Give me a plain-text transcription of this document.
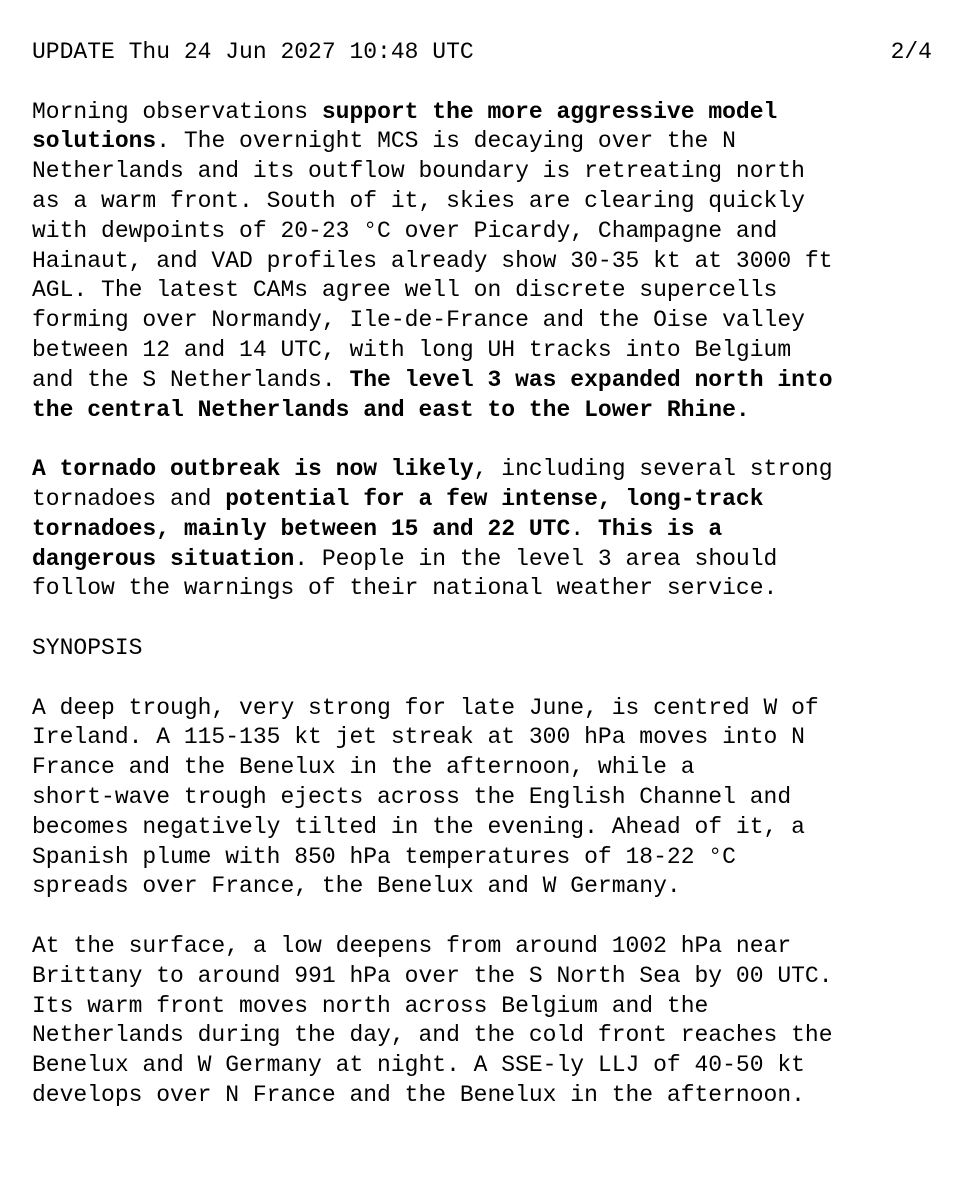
UPDATE Thu 24 Jun 2027 10:48 UTC	2/4
Morning observations support the more aggressive model
solutions. The overnight MCS is decaying over the N
Netherlands and its outflow boundary is retreating north
as a warm front. South of it, skies are clearing quickly
with dewpoints of 20-23 °C over Picardy, Champagne and
Hainaut, and VAD profiles already show 30-35 kt at 3000 ft
AGL. The latest CAMs agree well on discrete supercells
forming over Normandy, Ile-de-France and the Oise valley
between 12 and 14 UTC, with long UH tracks into Belgium
and the S Netherlands. The level 3 was expanded north into
the central Netherlands and east to the Lower Rhine.
A tornado outbreak is now likely, including several strong
tornadoes and potential for a few intense, long-track
tornadoes, mainly between 15 and 22 UTC. This is a
dangerous situation. People in the level 3 area should
follow the warnings of their national weather service.
SYNOPSIS
A deep trough, very strong for late June, is centred W of
Ireland. A 115-135 kt jet streak at 300 hPa moves into N
France and the Benelux in the afternoon, while a
short-wave trough ejects across the English Channel and
becomes negatively tilted in the evening. Ahead of it, a
Spanish plume with 850 hPa temperatures of 18-22 °C
spreads over France, the Benelux and W Germany.
At the surface, a low deepens from around 1002 hPa near
Brittany to around 991 hPa over the S North Sea by 00 UTC.
Its warm front moves north across Belgium and the
Netherlands during the day, and the cold front reaches the
Benelux and W Germany at night. A SSE-ly LLJ of 40-50 kt
develops over N France and the Benelux in the afternoon.
